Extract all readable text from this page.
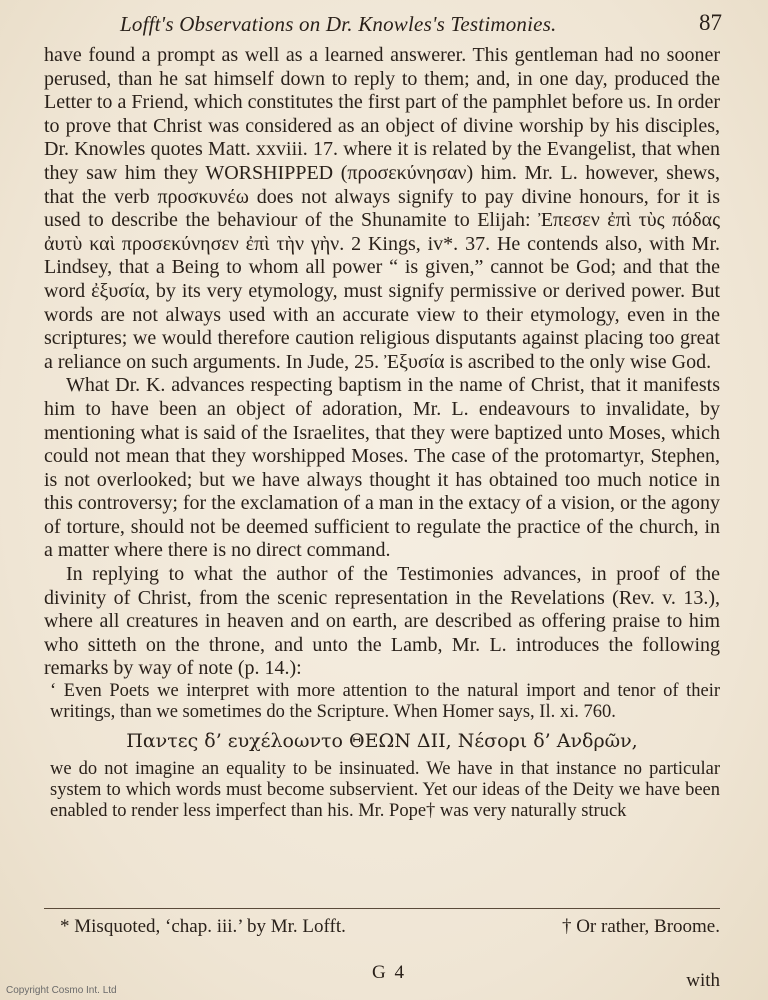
Lofft's Observations on Dr. Knowles's Testimonies.	87

have found a prompt as well as a learned answerer. This gentleman had no sooner perused, than he sat himself down to reply to them; and, in one day, produced the Letter to a Friend, which constitutes the first part of the pamphlet before us. In order to prove that Christ was considered as an object of divine worship by his disciples, Dr. Knowles quotes Matt. xxviii. 17. where it is related by the Evangelist, that when they saw him they WORSHIPPED (προσεκύνησαν) him. Mr. L. however, shews, that the verb προσκυνέω does not always signify to pay divine honours, for it is used to describe the behaviour of the Shunamite to Elijah: Ἐπεσεν ἐπὶ τὺς πόδας ἀυτὺ καὶ προσεκύνησεν ἐπὶ τὴν γὴν. 2 Kings, iv*. 37. He contends also, with Mr. Lindsey, that a Being to whom all power “ is given,” cannot be God; and that the word ἐξυσία, by its very etymology, must signify permissive or derived power. But words are not always used with an accurate view to their etymology, even in the scriptures; we would therefore caution religious disputants against placing too great a reliance on such arguments. In Jude, 25. Ἐξυσία is ascribed to the only wise God.

What Dr. K. advances respecting baptism in the name of Christ, that it manifests him to have been an object of adoration, Mr. L. endeavours to invalidate, by mentioning what is said of the Israelites, that they were baptized unto Moses, which could not mean that they worshipped Moses. The case of the protomartyr, Stephen, is not overlooked; but we have always thought it has obtained too much notice in this controversy; for the exclamation of a man in the extacy of a vision, or the agony of torture, should not be deemed sufficient to regulate the practice of the church, in a matter where there is no direct command.

In replying to what the author of the Testimonies advances, in proof of the divinity of Christ, from the scenic representation in the Revelations (Rev. v. 13.), where all creatures in heaven and on earth, are described as offering praise to him who sitteth on the throne, and unto the Lamb, Mr. L. introduces the following remarks by way of note (p. 14.):

‘ Even Poets we interpret with more attention to the natural import and tenor of their writings, than we sometimes do the Scripture. When Homer says, Il. xi. 760.

Παντες δ’ ευχέλοωντο ΘΕΩΝ ΔΙΙ, Νέσορι δ’ Ανδρῶν,

we do not imagine an equality to be insinuated. We have in that instance no particular system to which words must become subservient. Yet our ideas of the Deity we have been enabled to render less imperfect than his. Mr. Pope† was very naturally struck

* Misquoted, ‘chap. iii.’ by Mr. Lofft.	† Or rather, Broome.
G 4	with
Copyright Cosmo Int. Ltd
